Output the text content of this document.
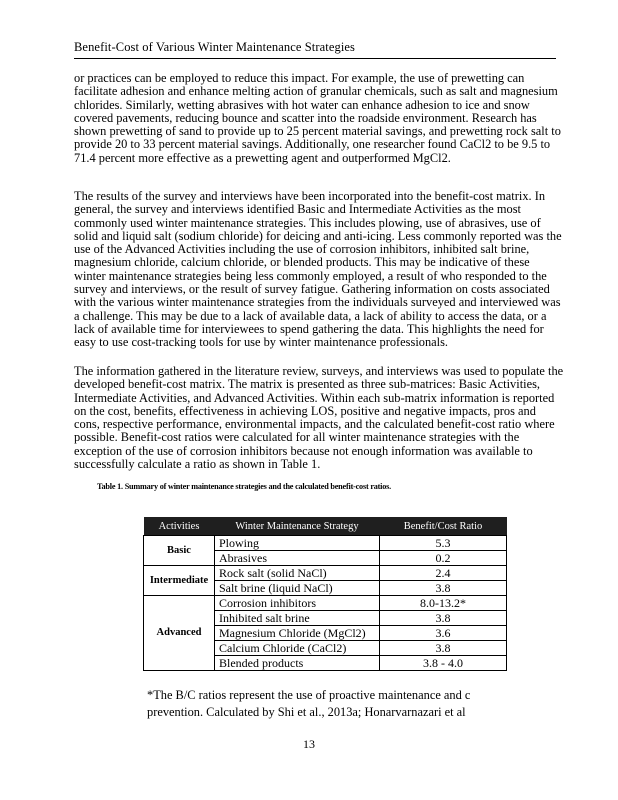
Benefit-Cost of Various Winter Maintenance Strategies
or practices can be employed to reduce this impact. For example, the use of prewetting can facilitate adhesion and enhance melting action of granular chemicals, such as salt and magnesium chlorides. Similarly, wetting abrasives with hot water can enhance adhesion to ice and snow covered pavements, reducing bounce and scatter into the roadside environment. Research has shown prewetting of sand to provide up to 25 percent material savings, and prewetting rock salt to provide 20 to 33 percent material savings. Additionally, one researcher found CaCl2 to be 9.5 to 71.4 percent more effective as a prewetting agent and outperformed MgCl2.
The results of the survey and interviews have been incorporated into the benefit-cost matrix. In general, the survey and interviews identified Basic and Intermediate Activities as the most commonly used winter maintenance strategies. This includes plowing, use of abrasives, use of solid and liquid salt (sodium chloride) for deicing and anti-icing. Less commonly reported was the use of the Advanced Activities including the use of corrosion inhibitors, inhibited salt brine, magnesium chloride, calcium chloride, or blended products. This may be indicative of these winter maintenance strategies being less commonly employed, a result of who responded to the survey and interviews, or the result of survey fatigue. Gathering information on costs associated with the various winter maintenance strategies from the individuals surveyed and interviewed was a challenge. This may be due to a lack of available data, a lack of ability to access the data, or a lack of available time for interviewees to spend gathering the data. This highlights the need for easy to use cost-tracking tools for use by winter maintenance professionals.
The information gathered in the literature review, surveys, and interviews was used to populate the developed benefit-cost matrix. The matrix is presented as three sub-matrices: Basic Activities, Intermediate Activities, and Advanced Activities. Within each sub-matrix information is reported on the cost, benefits, effectiveness in achieving LOS, positive and negative impacts, pros and cons, respective performance, environmental impacts, and the calculated benefit-cost ratio where possible. Benefit-cost ratios were calculated for all winter maintenance strategies with the exception of the use of corrosion inhibitors because not enough information was available to successfully calculate a ratio as shown in Table 1.
Table 1. Summary of winter maintenance strategies and the calculated benefit-cost ratios.
Activities	Winter Maintenance Strategy	Benefit/Cost Ratio
Basic	Plowing	5.3
	Abrasives	0.2
Intermediate	Rock salt (solid NaCl)	2.4
	Salt brine (liquid NaCl)	3.8
Advanced	Corrosion inhibitors	8.0-13.2*
	Inhibited salt brine	3.8
	Magnesium Chloride (MgCl2)	3.6
	Calcium Chloride (CaCl2)	3.8
	Blended products	3.8 - 4.0
*The B/C ratios represent the use of proactive maintenance and c
prevention. Calculated by Shi et al., 2013a; Honarvarnazari et al
13
